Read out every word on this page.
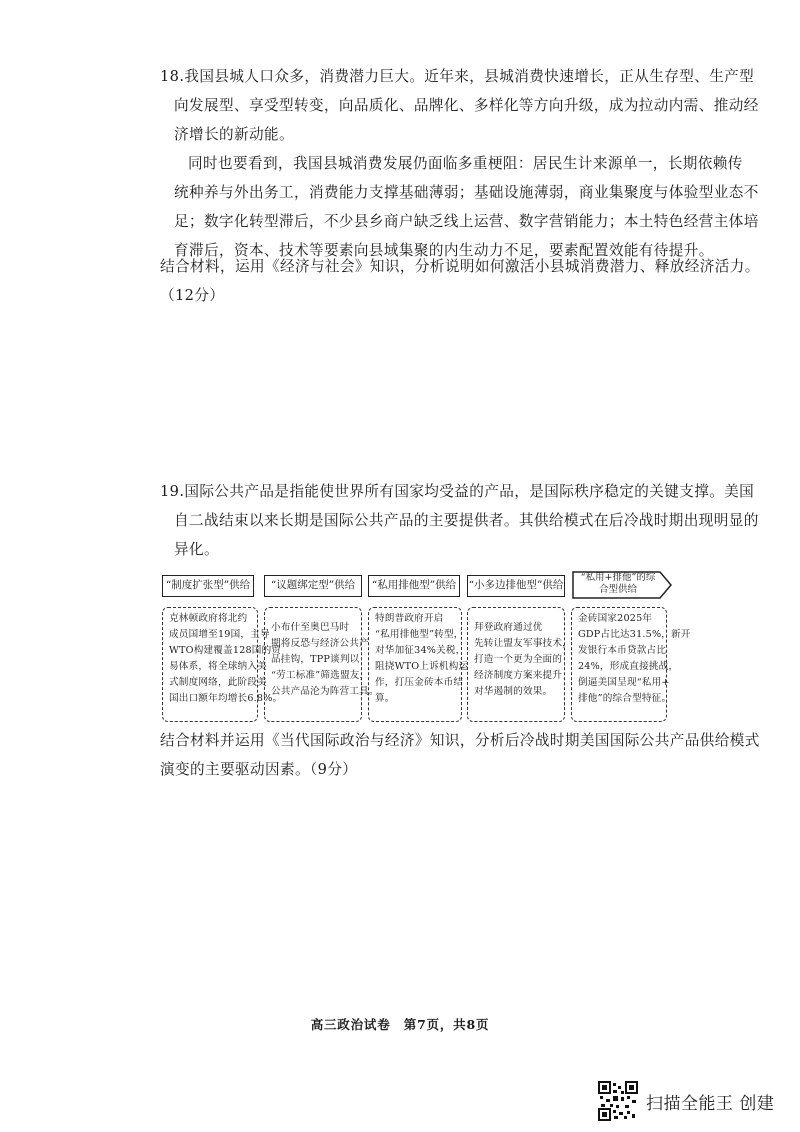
18.我国县城人口众多，消费潜力巨大。近年来，县城消费快速增长，正从生存型、生产型
向发展型、享受型转变，向品质化、品牌化、多样化等方向升级，成为拉动内需、推动经
济增长的新动能。
同时也要看到，我国县城消费发展仍面临多重梗阻：居民生计来源单一，长期依赖传
统种养与外出务工，消费能力支撑基础薄弱；基础设施薄弱，商业集聚度与体验型业态不
足；数字化转型滞后，不少县乡商户缺乏线上运营、数字营销能力；本土特色经营主体培
育滞后，资本、技术等要素向县域集聚的内生动力不足，要素配置效能有待提升。
结合材料，运用《经济与社会》知识，分析说明如何激活小县城消费潜力、释放经济活力。
（12分）
19.国际公共产品是指能使世界所有国家均受益的产品，是国际秩序稳定的关键支撑。美国
自二战结束以来长期是国际公共产品的主要提供者。其供给模式在后冷战时期出现明显的
异化。
“制度扩张型”供给	“议题绑定型”供给	“私用排他型”供给	“小多边排他型”供给
“私用+排他”的综合型供给
克林顿政府将北约
成员国增至19国，主导
WTO构建覆盖128国的贸
易体系，将全球纳入美
式制度网络，此阶段美
国出口额年均增长6.8%。
小布什至奥巴马时
期将反恐与经济公共产
品挂钩，TPP谈判以
“劳工标准”筛选盟友，
公共产品沦为阵营工具。
特朗普政府开启
“私用排他型”转型，
对华加征34%关税，
阻挠WTO上诉机构运
作，打压金砖本币结
算。
拜登政府通过优
先转让盟友军事技术，
打造一个更为全面的
经济制度方案来提升
对华遏制的效果。
金砖国家2025年
GDP占比达31.5%，新开
发银行本币贷款占比
24%，形成直接挑战，
倒逼美国呈现“私用+
排他”的综合型特征。
结合材料并运用《当代国际政治与经济》知识，分析后冷战时期美国国际公共产品供给模式
演变的主要驱动因素。（9分）
高三政治试卷　第7页，共8页
扫描全能王 创建
